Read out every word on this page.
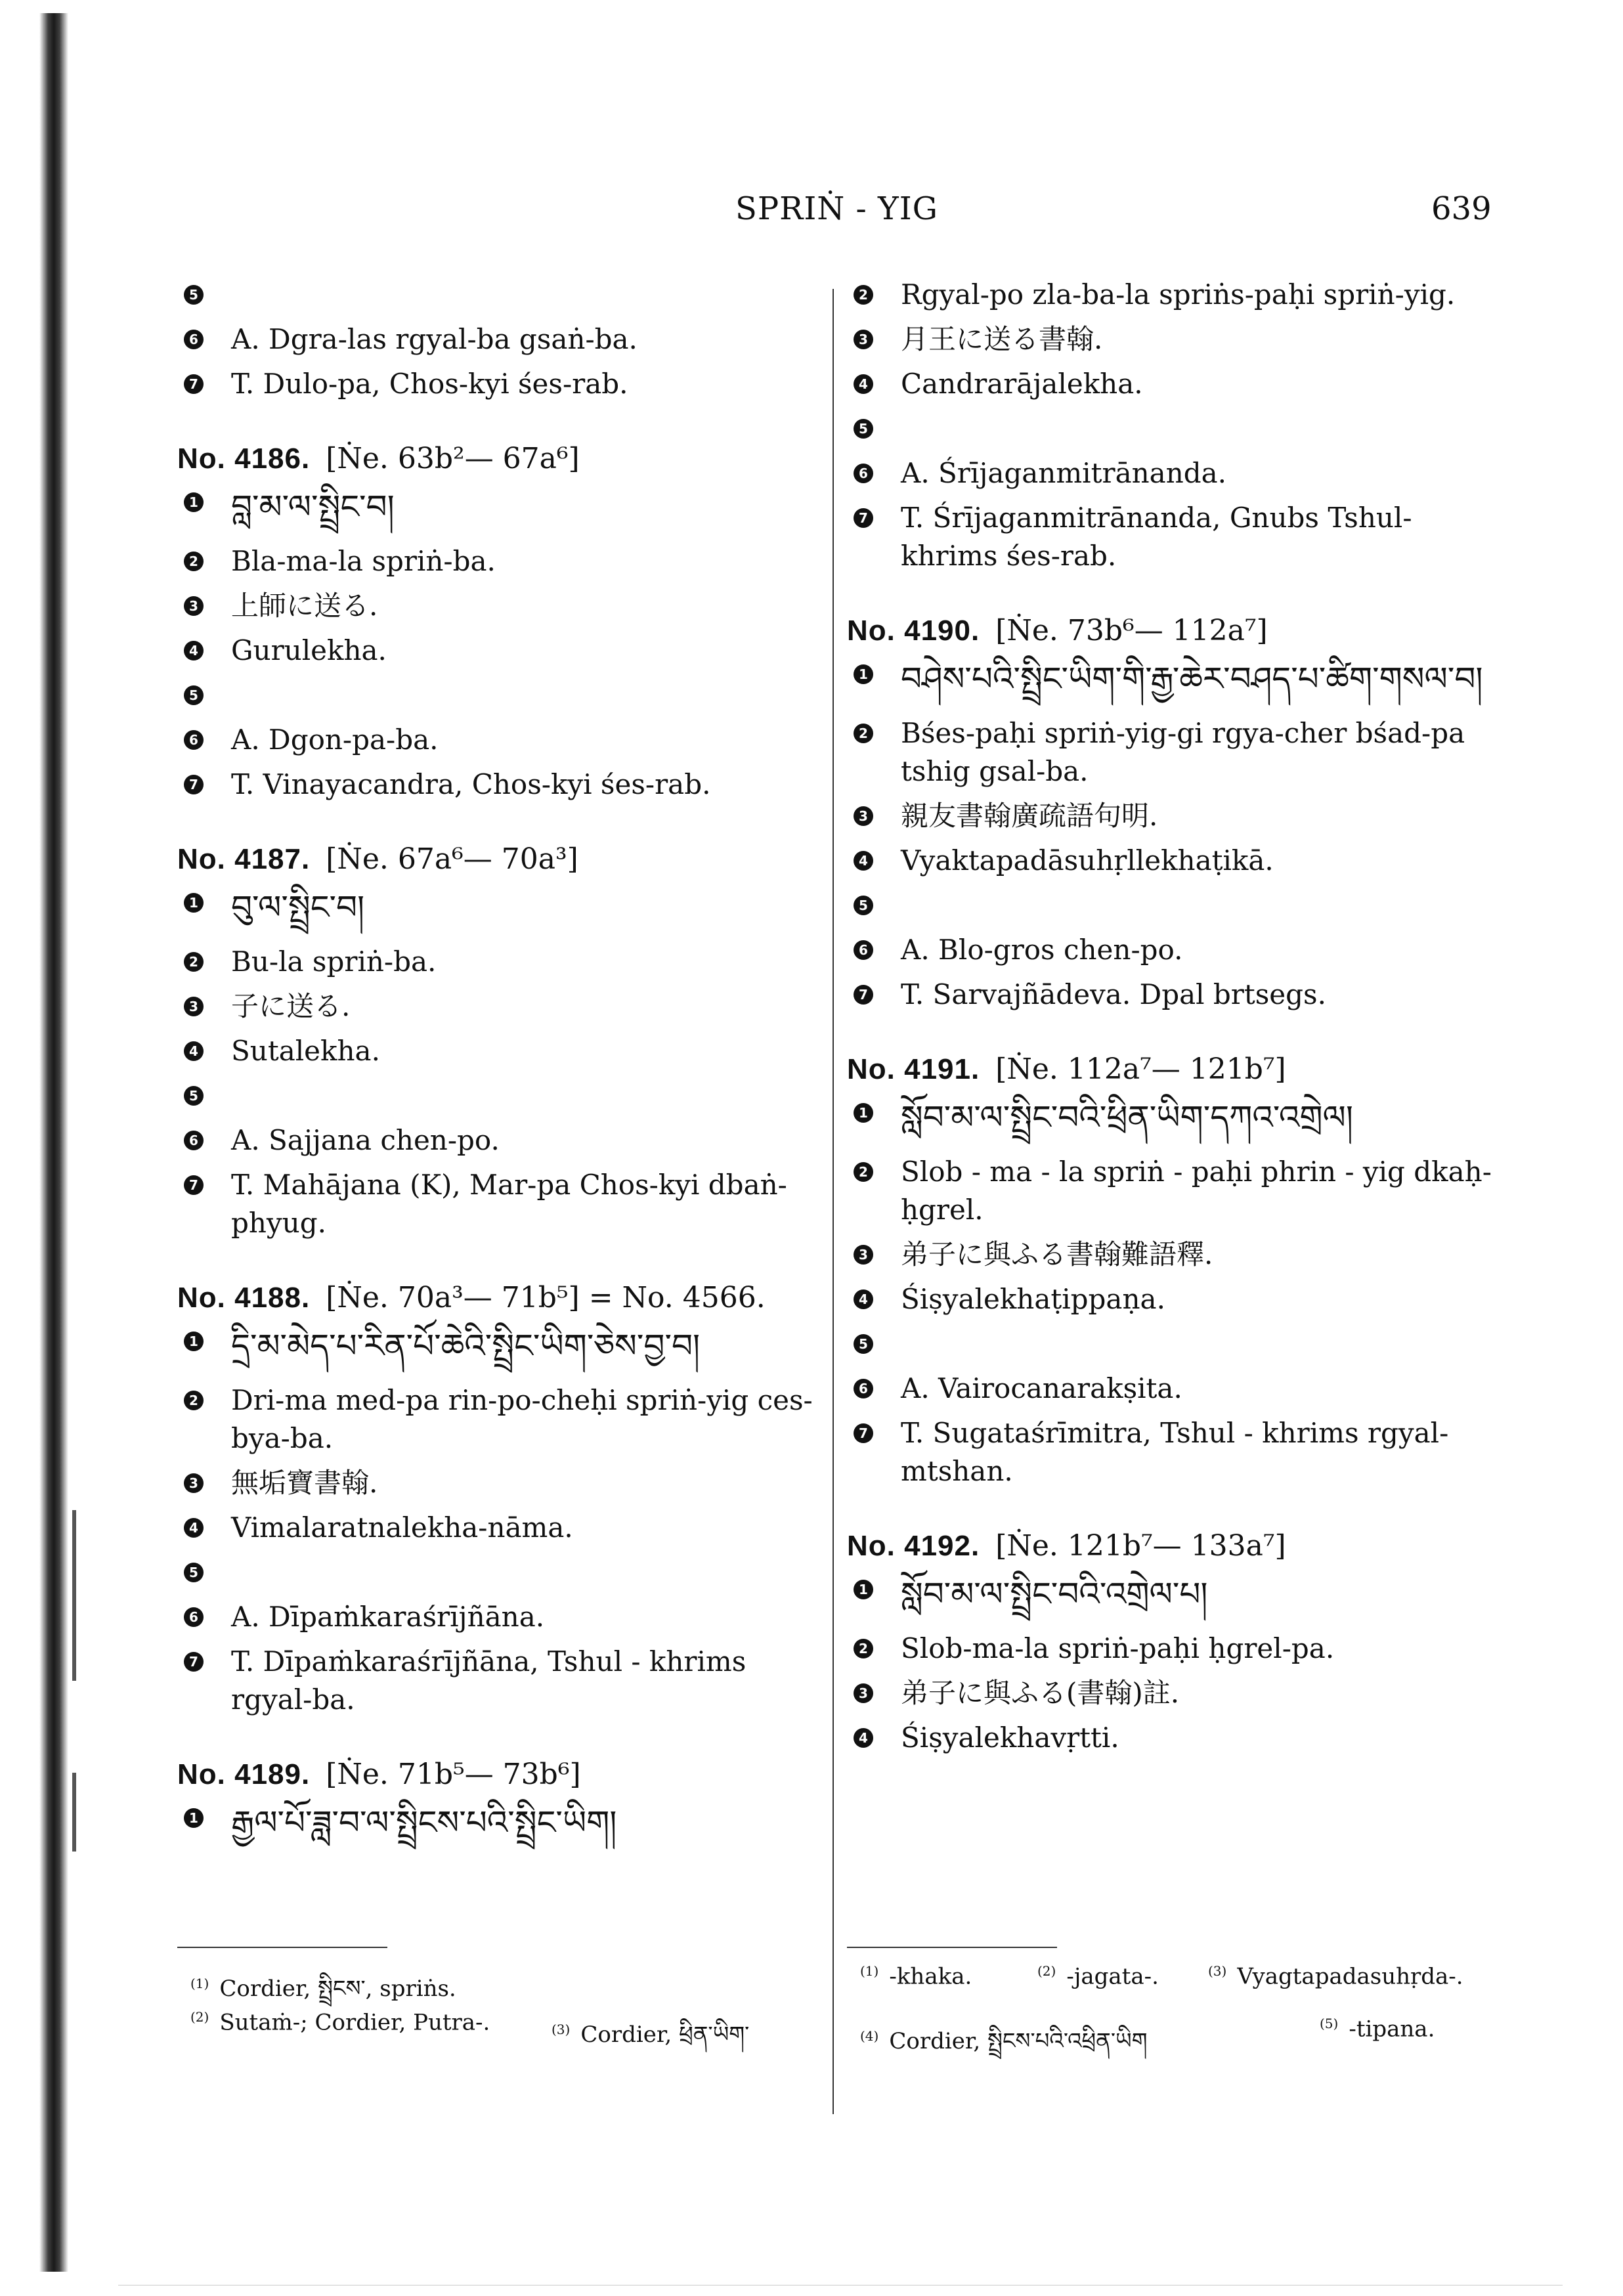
SPRIṄ - YIG	639
5
6 A. Dgra-las rgyal-ba gsaṅ-ba.
7 T. Dulo-pa, Chos-kyi śes-rab.
No. 4186. [Ṅe. 63b²— 67a⁶]
1 བླ་མ་ལ་སྤྲིང་བ།
2 Bla-ma-la spriṅ-ba.
3 上師に送る.
4 Gurulekha.
5
6 A. Dgon-pa-ba.
7 T. Vinayacandra, Chos-kyi śes-rab.
No. 4187. [Ṅe. 67a⁶— 70a³]
1 བུ་ལ་སྤྲིང་བ།
2 Bu-la spriṅ-ba.
3 子に送る.
4 Sutalekha.
5
6 A. Sajjana chen-po.
7 T. Mahājana (K), Mar-pa Chos-kyi dbaṅ-phyug.
No. 4188. [Ṅe. 70a³— 71b⁵] = No. 4566.
1 དྲི་མ་མེད་པ་རིན་པོ་ཆེའི་སྤྲིང་ཡིག་ཅེས་བྱ་བ།
2 Dri-ma med-pa rin-po-cheḥi spriṅ-yig ces-bya-ba.
3 無垢寶書翰.
4 Vimalaratnalekha-nāma.
5
6 A. Dīpaṁkaraśrījñāna.
7 T. Dīpaṁkaraśrījñāna, Tshul - khrims rgyal-ba.
No. 4189. [Ṅe. 71b⁵— 73b⁶]
1 རྒྱལ་པོ་ཟླ་བ་ལ་སྤྲིངས་པའི་སྤྲིང་ཡིག།
2 Rgyal-po zla-ba-la spriṅs-paḥi spriṅ-yig.
3 月王に送る書翰.
4 Candrarājalekha.
5
6 A. Śrījaganmitrānanda.
7 T. Śrījaganmitrānanda, Gnubs Tshul-khrims śes-rab.
No. 4190. [Ṅe. 73b⁶— 112a⁷]
1 བཤེས་པའི་སྤྲིང་ཡིག་གི་རྒྱ་ཆེར་བཤད་པ་ཚིག་གསལ་བ།
2 Bśes-paḥi spriṅ-yig-gi rgya-cher bśad-pa tshig gsal-ba.
3 親友書翰廣疏語句明.
4 Vyaktapadāsuhṛllekhaṭikā.
5
6 A. Blo-gros chen-po.
7 T. Sarvajñādeva. Dpal brtsegs.
No. 4191. [Ṅe. 112a⁷— 121b⁷]
1 སློབ་མ་ལ་སྤྲིང་བའི་ཕྲིན་ཡིག་དཀའ་འགྲེལ།
2 Slob - ma - la spriṅ - paḥi phrin - yig dkaḥ-ḥgrel.
3 弟子に與ふる書翰難語釋.
4 Śiṣyalekhaṭippaṇa.
5
6 A. Vairocanarakṣita.
7 T. Sugataśrīmitra, Tshul - khrims rgyal-mtshan.
No. 4192. [Ṅe. 121b⁷— 133a⁷]
1 སློབ་མ་ལ་སྤྲིང་བའི་འགྲེལ་པ།
2 Slob-ma-la spriṅ-paḥi ḥgrel-pa.
3 弟子に與ふる(書翰)註.
4 Śiṣyalekhavṛtti.
$^{(1)}$ Cordier, སྤྲིངས་, spriṅs.
$^{(2)}$ Sutaṁ-; Cordier, Putra-.	$^{(3)}$ Cordier, ཕྲིན་ཡིག་
$^{(1)}$ -khaka.	$^{(2)}$ -jagata-.	$^{(3)}$ Vyagtapadasuhṛda-.
$^{(4)}$ Cordier, སྤྲིངས་པའི་འཕྲིན་ཡིག
$^{(5)}$ -tipana.
